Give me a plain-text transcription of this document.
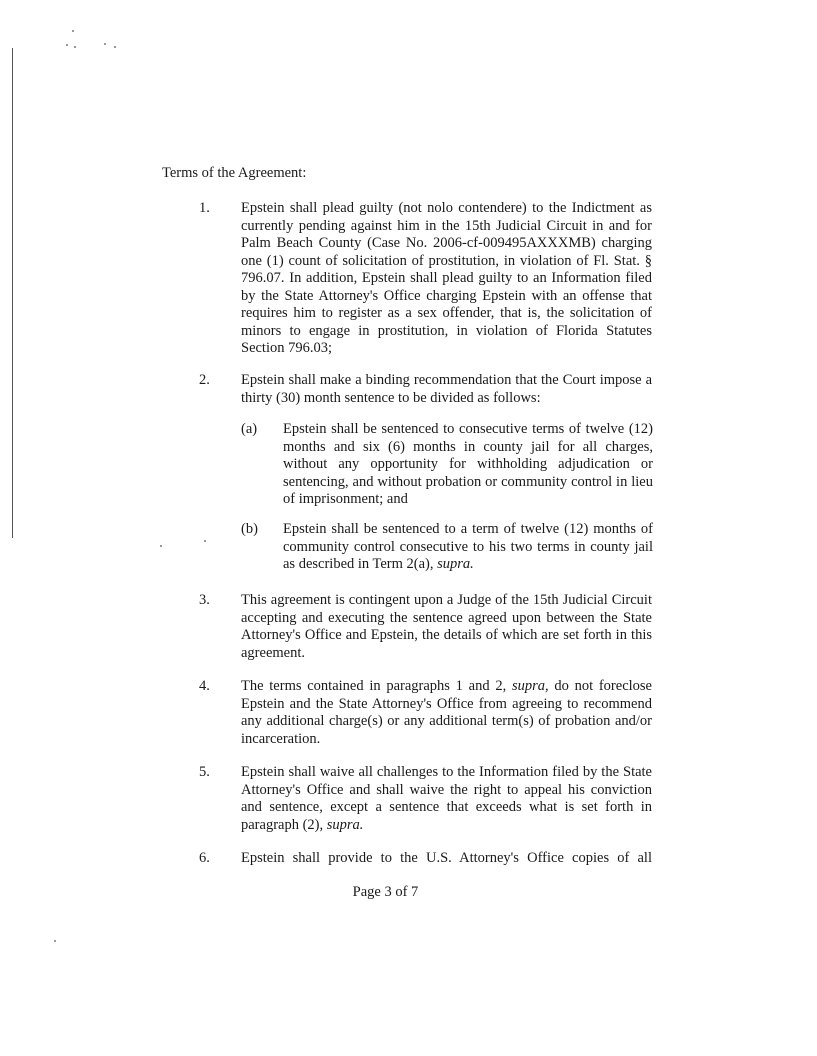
Terms of the Agreement:
1. Epstein shall plead guilty (not nolo contendere) to the Indictment as currently pending against him in the 15th Judicial Circuit in and for Palm Beach County (Case No. 2006-cf-009495AXXXMB) charging one (1) count of solicitation of prostitution, in violation of Fl. Stat. § 796.07. In addition, Epstein shall plead guilty to an Information filed by the State Attorney's Office charging Epstein with an offense that requires him to register as a sex offender, that is, the solicitation of minors to engage in prostitution, in violation of Florida Statutes Section 796.03;
2. Epstein shall make a binding recommendation that the Court impose a thirty (30) month sentence to be divided as follows:
(a) Epstein shall be sentenced to consecutive terms of twelve (12) months and six (6) months in county jail for all charges, without any opportunity for withholding adjudication or sentencing, and without probation or community control in lieu of imprisonment; and
(b) Epstein shall be sentenced to a term of twelve (12) months of community control consecutive to his two terms in county jail as described in Term 2(a), supra.
3. This agreement is contingent upon a Judge of the 15th Judicial Circuit accepting and executing the sentence agreed upon between the State Attorney's Office and Epstein, the details of which are set forth in this agreement.
4. The terms contained in paragraphs 1 and 2, supra, do not foreclose Epstein and the State Attorney's Office from agreeing to recommend any additional charge(s) or any additional term(s) of probation and/or incarceration.
5. Epstein shall waive all challenges to the Information filed by the State Attorney's Office and shall waive the right to appeal his conviction and sentence, except a sentence that exceeds what is set forth in paragraph (2), supra.
6. Epstein shall provide to the U.S. Attorney's Office copies of all
Page 3 of 7
